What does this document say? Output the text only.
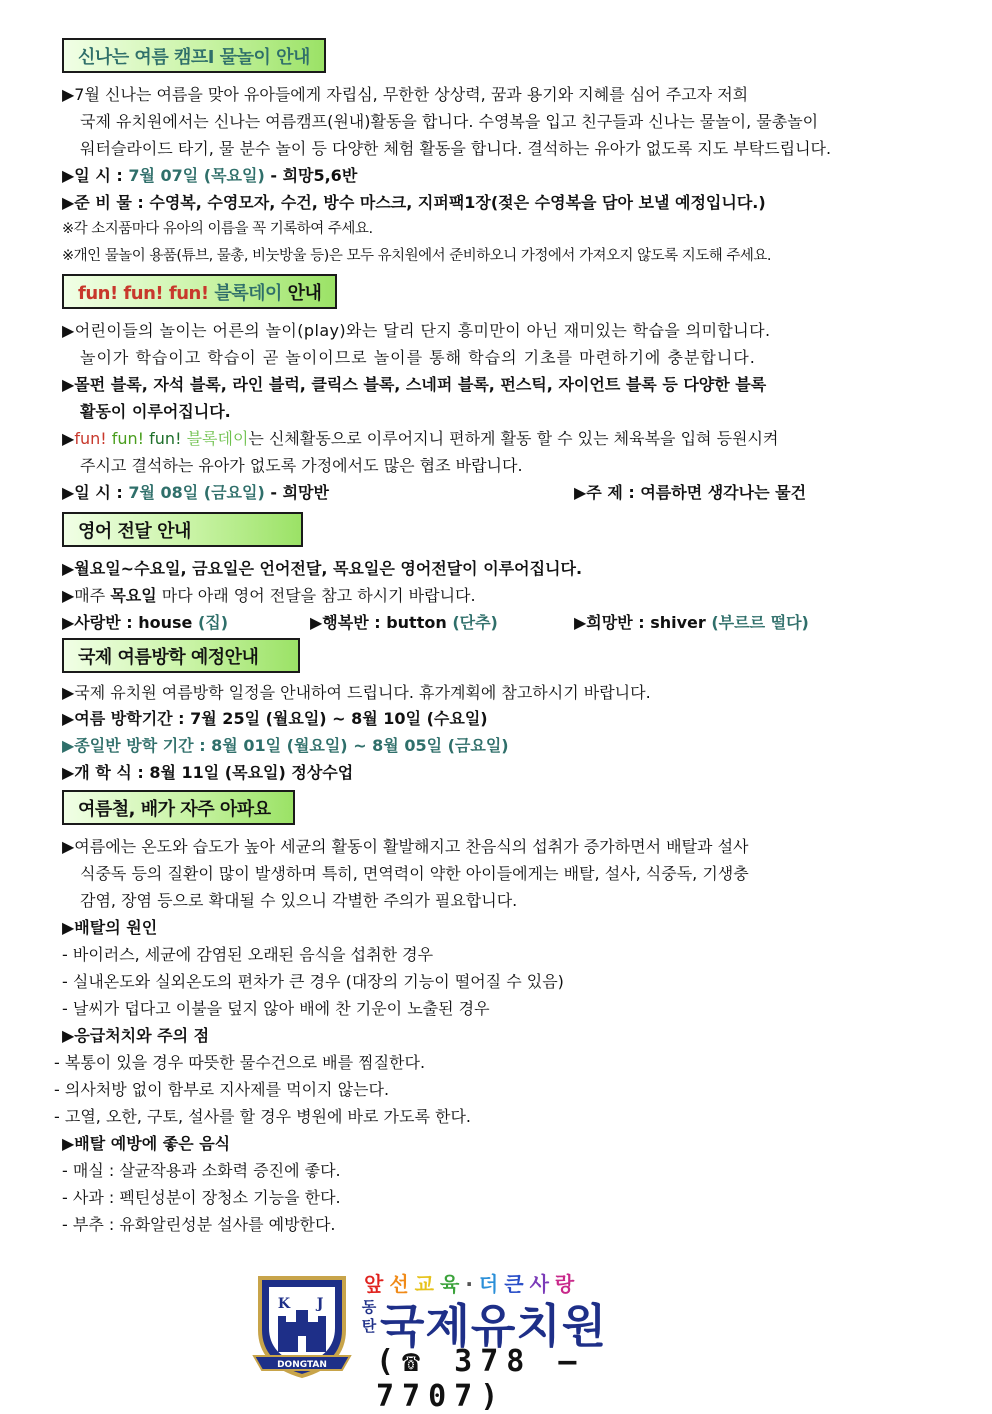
신나는 여름 캠프Ⅰ 물놀이 안내
▶7월 신나는 여름을 맞아 유아들에게 자립심, 무한한 상상력, 꿈과 용기와 지혜를 심어 주고자 저희
국제 유치원에서는 신나는 여름캠프(원내)활동을 합니다. 수영복을 입고 친구들과 신나는 물놀이, 물총놀이
워터슬라이드 타기, 물 분수 놀이 등 다양한 체험 활동을 합니다. 결석하는 유아가 없도록 지도 부탁드립니다.
▶일 시 : 7월 07일 (목요일) - 희망5,6반
▶준 비 물 : 수영복, 수영모자, 수건, 방수 마스크, 지퍼팩1장(젖은 수영복을 담아 보낼 예정입니다.)
※각 소지품마다 유아의 이름을 꼭 기록하여 주세요.
※개인 물놀이 용품(튜브, 물총, 비눗방울 등)은 모두 유치원에서 준비하오니 가정에서 가져오지 않도록 지도해 주세요.
fun! fun! fun! 블록데이 안내
▶어린이들의 놀이는 어른의 놀이(play)와는 달리 단지 흥미만이 아닌 재미있는 학습을 의미합니다.
놀이가 학습이고 학습이 곧 놀이이므로 놀이를 통해 학습의 기초를 마련하기에 충분합니다.
▶몰펀 블록, 자석 블록, 라인 블럭, 클릭스 블록, 스네퍼 블록, 펀스틱, 자이언트 블록 등 다양한 블록
활동이 이루어집니다.
▶fun! fun! fun! 블록데이는 신체활동으로 이루어지니 편하게 활동 할 수 있는 체육복을 입혀 등원시켜
주시고 결석하는 유아가 없도록 가정에서도 많은 협조 바랍니다.
▶일 시 : 7월 08일 (금요일) - 희망반	▶주 제 : 여름하면 생각나는 물건
영어 전달 안내
▶월요일~수요일, 금요일은 언어전달, 목요일은 영어전달이 이루어집니다.
▶매주 목요일 마다 아래 영어 전달을 참고 하시기 바랍니다.
▶사랑반 : house (집)	▶행복반 : button (단추)	▶희망반 : shiver (부르르 떨다)
국제 여름방학 예정안내
▶국제 유치원 여름방학 일정을 안내하여 드립니다. 휴가계획에 참고하시기 바랍니다.
▶여름 방학기간 : 7월 25일 (월요일) ~ 8월 10일 (수요일)
▶종일반 방학 기간 : 8월 01일 (월요일) ~ 8월 05일 (금요일)
▶개 학 식 : 8월 11일 (목요일) 정상수업
여름철, 배가 자주 아파요
▶여름에는 온도와 습도가 높아 세균의 활동이 활발해지고 찬음식의 섭취가 증가하면서 배탈과 설사
식중독 등의 질환이 많이 발생하며 특히, 면역력이 약한 아이들에게는 배탈, 설사, 식중독, 기생충
감염, 장염 등으로 확대될 수 있으니 각별한 주의가 필요합니다.
▶배탈의 원인
- 바이러스, 세균에 감염된 오래된 음식을 섭취한 경우
- 실내온도와 실외온도의 편차가 큰 경우 (대장의 기능이 떨어질 수 있음)
- 날씨가 덥다고 이불을 덮지 않아 배에 찬 기운이 노출된 경우
▶응급처치와 주의 점
- 복통이 있을 경우 따뜻한 물수건으로 배를 찜질한다.
- 의사처방 없이 함부로 지사제를 먹이지 않는다.
- 고열, 오한, 구토, 설사를 할 경우 병원에 바로 가도록 한다.
▶배탈 예방에 좋은 음식
- 매실 : 살균작용과 소화력 증진에 좋다.
- 사과 : 펙틴성분이 장청소 기능을 한다.
- 부추 : 유화알린성분 설사를 예방한다.
K J
DONGTAN
앞선교육·더큰사랑
동
탄 국제유치원
(☎ 378 – 7707)
